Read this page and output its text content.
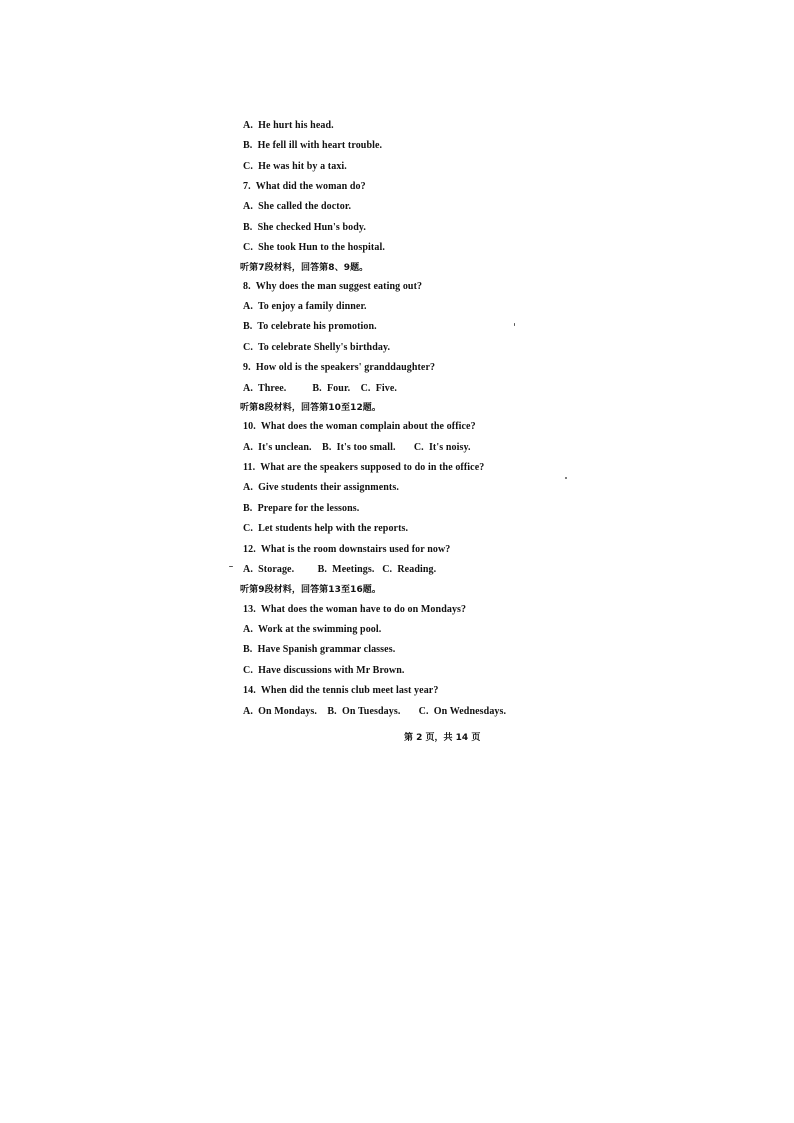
A.  He hurt his head.
B.  He fell ill with heart trouble.
C.  He was hit by a taxi.
7.  What did the woman do?
A.  She called the doctor.
B.  She checked Hun's body.
C.  She took Hun to the hospital.
听第7段材料，回答第8、9题。
8.  Why does the man suggest eating out?
A.  To enjoy a family dinner.
B.  To celebrate his promotion.
C.  To celebrate Shelly's birthday.
9.  How old is the speakers' granddaughter?
A.  Three.          B.  Four.    C.  Five.
听第8段材料，回答第10至12题。
10.  What does the woman complain about the office?
A.  It's unclean.    B.  It's too small.       C.  It's noisy.
11.  What are the speakers supposed to do in the office?
A.  Give students their assignments.
B.  Prepare for the lessons.
C.  Let students help with the reports.
12.  What is the room downstairs used for now?
A.  Storage.         B.  Meetings.   C.  Reading.
听第9段材料，回答第13至16题。
13.  What does the woman have to do on Mondays?
A.  Work at the swimming pool.
B.  Have Spanish grammar classes.
C.  Have discussions with Mr Brown.
14.  When did the tennis club meet last year?
A.  On Mondays.    B.  On Tuesdays.       C.  On Wednesdays.
第 2 页，共 14 页
